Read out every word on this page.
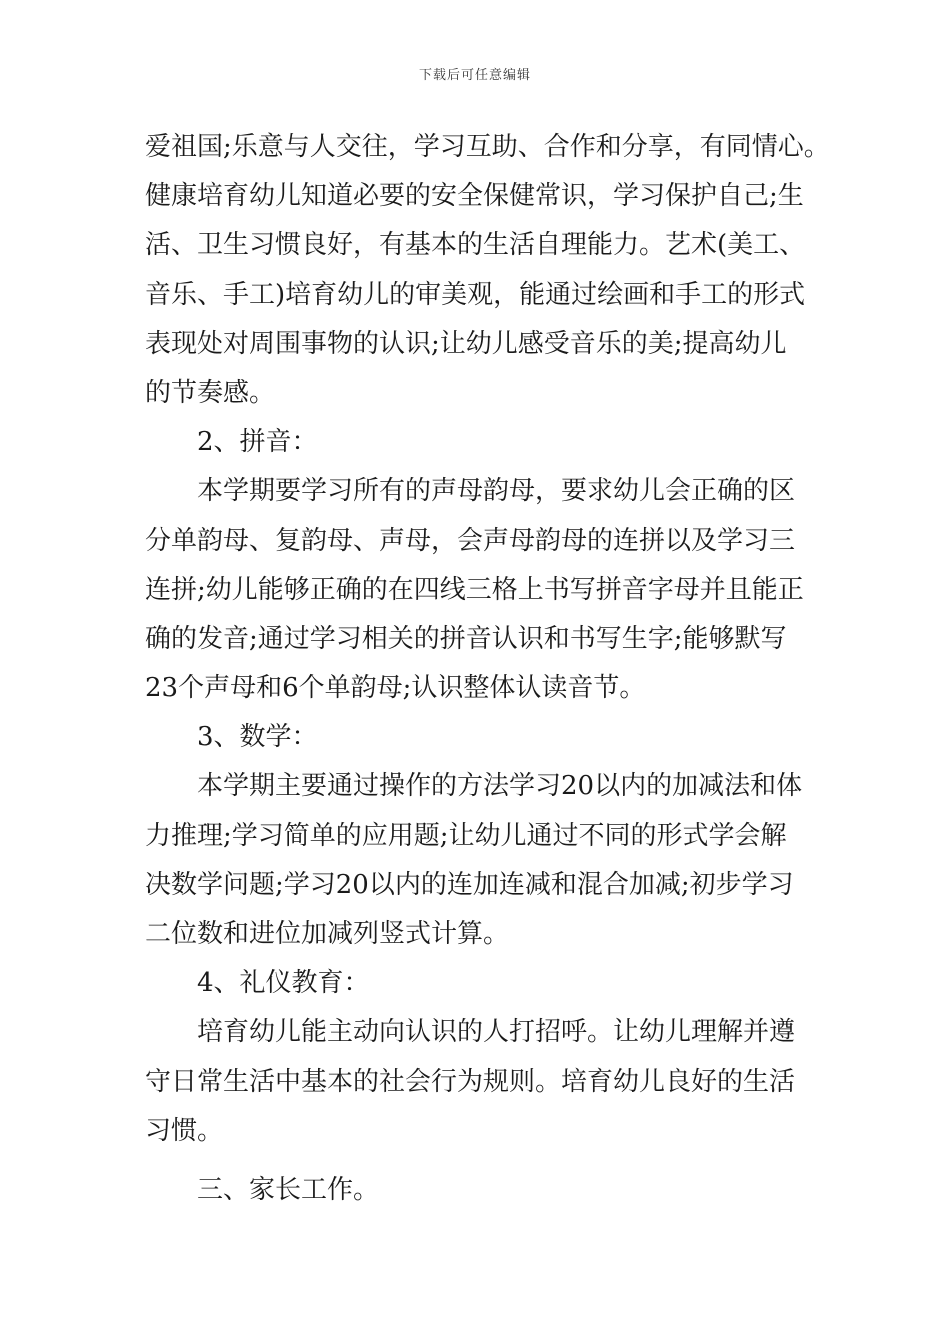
下载后可任意编辑
爱祖国;乐意与人交往，学习互助、合作和分享，有同情心。
健康培育幼儿知道必要的安全保健常识，学习保护自己;生
活、卫生习惯良好，有基本的生活自理能力。艺术(美工、
音乐、手工)培育幼儿的审美观，能通过绘画和手工的形式
表现处对周围事物的认识;让幼儿感受音乐的美;提高幼儿
的节奏感。
2、拼音：
本学期要学习所有的声母韵母，要求幼儿会正确的区
分单韵母、复韵母、声母，会声母韵母的连拼以及学习三
连拼;幼儿能够正确的在四线三格上书写拼音字母并且能正
确的发音;通过学习相关的拼音认识和书写生字;能够默写
23个声母和6个单韵母;认识整体认读音节。
3、数学：
本学期主要通过操作的方法学习20以内的加减法和体
力推理;学习简单的应用题;让幼儿通过不同的形式学会解
决数学问题;学习20以内的连加连减和混合加减;初步学习
二位数和进位加减列竖式计算。
4、礼仪教育：
培育幼儿能主动向认识的人打招呼。让幼儿理解并遵
守日常生活中基本的社会行为规则。培育幼儿良好的生活
习惯。
三、家长工作。
